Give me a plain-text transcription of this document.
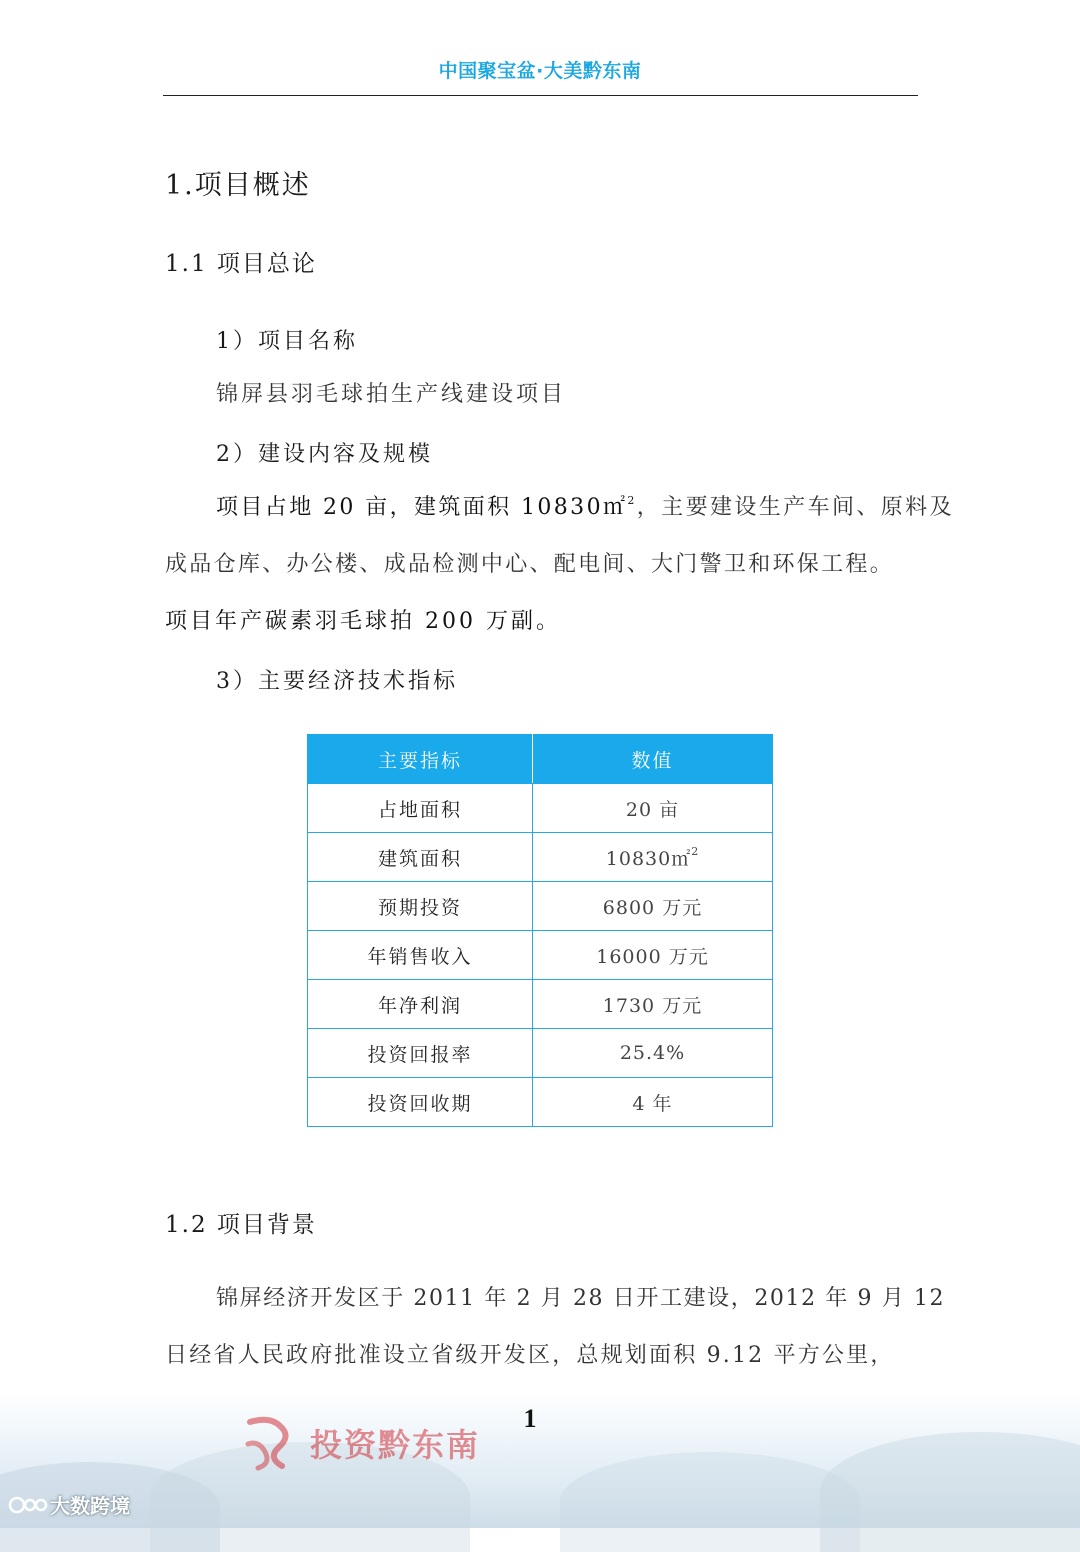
中国聚宝盆·大美黔东南
1.项目概述
1.1 项目总论
1）项目名称
锦屏县羽毛球拍生产线建设项目
2）建设内容及规模
项目占地 20 亩，建筑面积 10830㎡$^2$，主要建设生产车间、原料及
成品仓库、办公楼、成品检测中心、配电间、大门警卫和环保工程。
项目年产碳素羽毛球拍 200 万副。
3）主要经济技术指标
主要指标	数值
占地面积	20 亩
建筑面积	10830㎡$^2$
预期投资	6800 万元
年销售收入	16000 万元
年净利润	1730 万元
投资回报率	25.4%
投资回收期	4 年
1.2 项目背景
锦屏经济开发区于 2011 年 2 月 28 日开工建设，2012 年 9 月 12
日经省人民政府批准设立省级开发区，总规划面积 9.12 平方公里，
投资黔东南
1
大数跨境
